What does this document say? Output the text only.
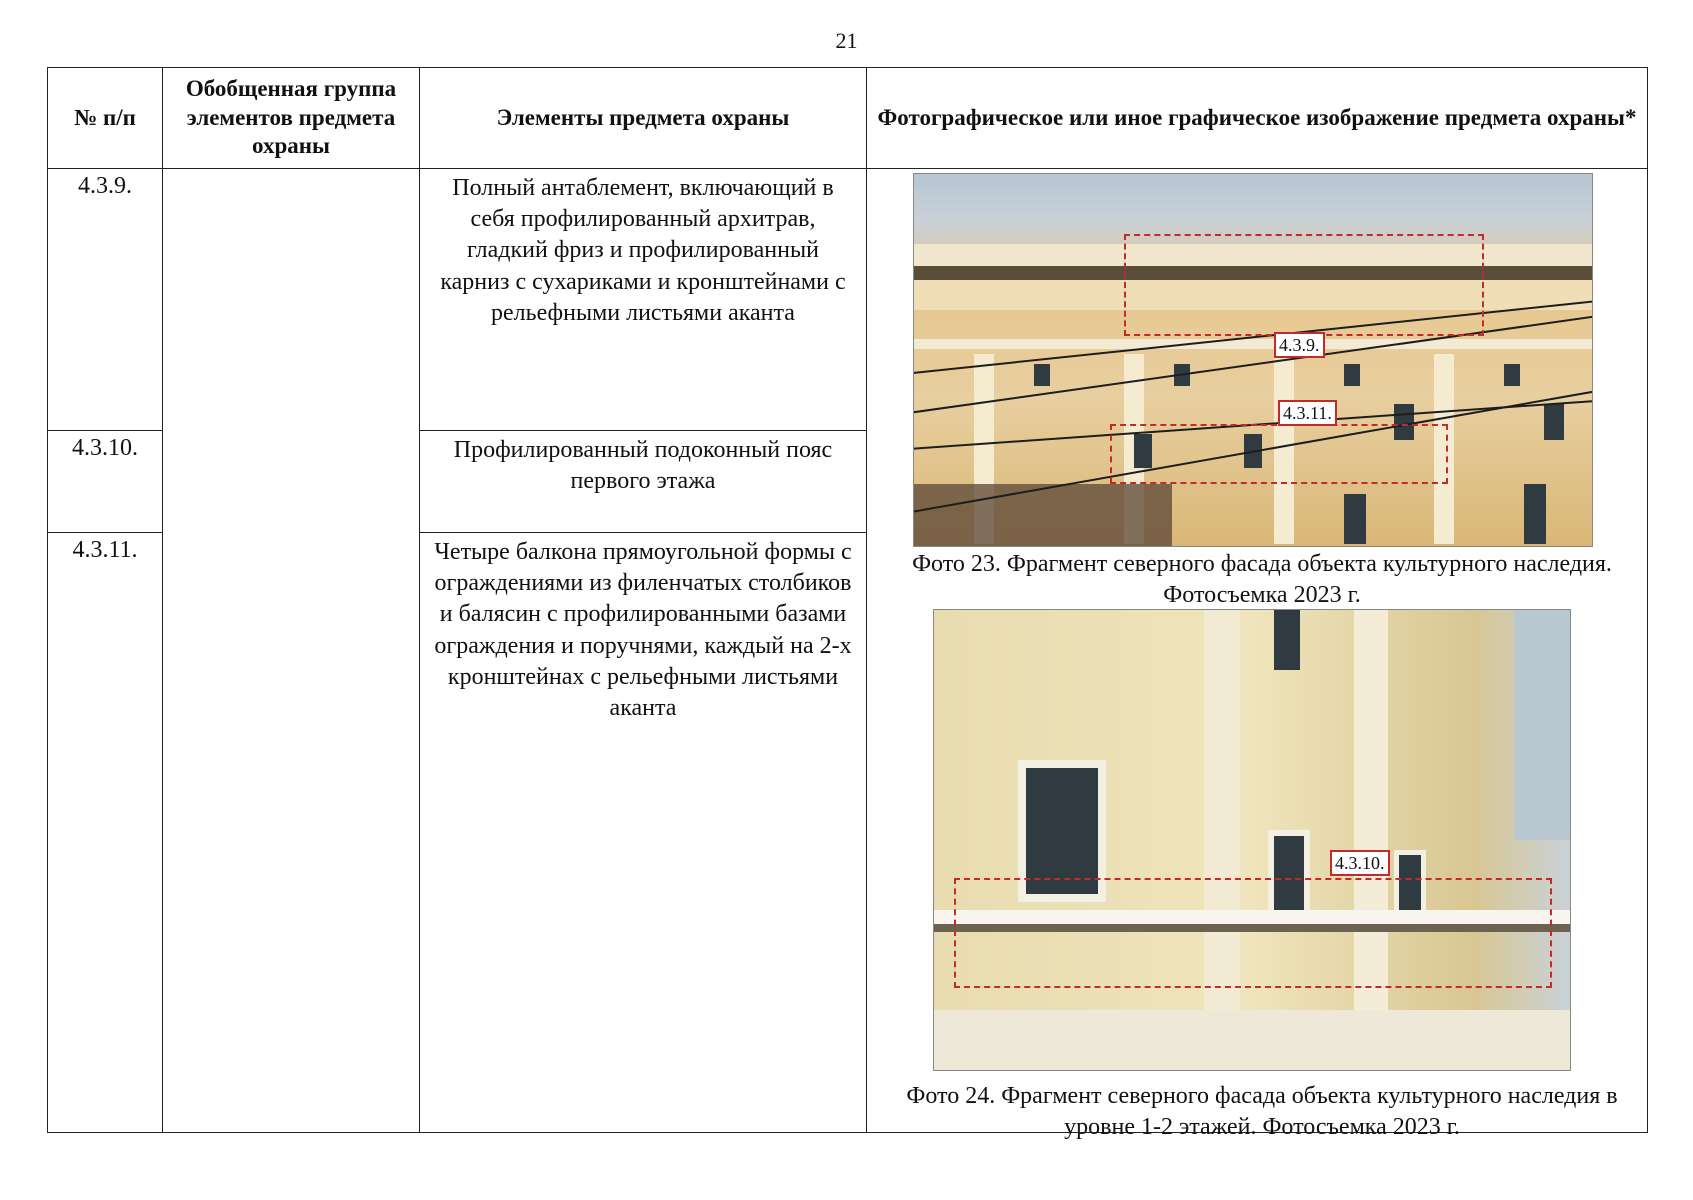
21
№ п/п	Обобщенная группа элементов предмета охраны	Элементы предмета охраны	Фотографическое или иное графическое изображение предмета охраны*
4.3.9.		Полный антаблемент, включающий в себя профилированный архитрав, гладкий фриз и профилированный карниз с сухариками и кронштейнами с рельефными листьями аканта	4.3.9.
4.3.11.
Фото 23. Фрагмент северного фасада объекта культурного наследия. Фотосъемка 2023 г.
4.3.10.
Фото 24. Фрагмент северного фасада объекта культурного наследия в уровне 1-2 этажей. Фотосъемка 2023 г.

4.3.10.		Профилированный подоконный пояс первого этажа	
4.3.11.		Четыре балкона прямоугольной формы с ограждениями из филенчатых столбиков и балясин с профилированными базами ограждения и поручнями, каждый на 2-х кронштейнах с рельефными листьями аканта	
